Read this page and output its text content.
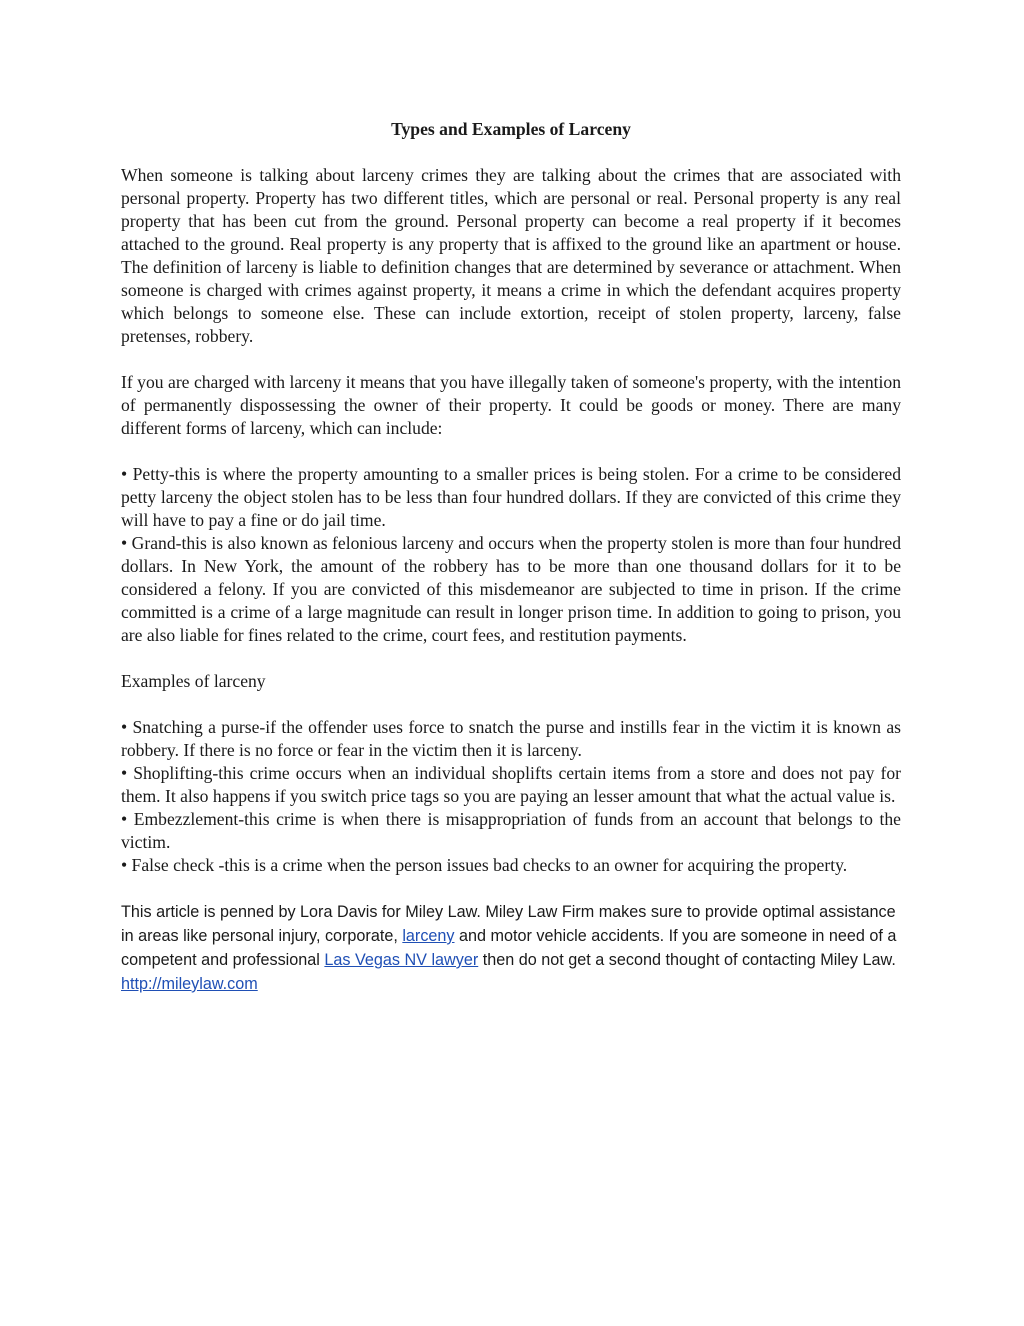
Types and Examples of Larceny

When someone is talking about larceny crimes they are talking about the crimes that are associated with personal property. Property has two different titles, which are personal or real. Personal property is any real property that has been cut from the ground. Personal property can become a real property if it becomes attached to the ground. Real property is any property that is affixed to the ground like an apartment or house. The definition of larceny is liable to definition changes that are determined by severance or attachment. When someone is charged with crimes against property, it means a crime in which the defendant acquires property which belongs to someone else. These can include extortion, receipt of stolen property, larceny, false pretenses, robbery.

If you are charged with larceny it means that you have illegally taken of someone's property, with the intention of permanently dispossessing the owner of their property. It could be goods or money. There are many different forms of larceny, which can include:

• Petty-this is where the property amounting to a smaller prices is being stolen. For a crime to be considered petty larceny the object stolen has to be less than four hundred dollars. If they are convicted of this crime they will have to pay a fine or do jail time.

• Grand-this is also known as felonious larceny and occurs when the property stolen is more than four hundred dollars. In New York, the amount of the robbery has to be more than one thousand dollars for it to be considered a felony. If you are convicted of this misdemeanor are subjected to time in prison. If the crime committed is a crime of a large magnitude can result in longer prison time. In addition to going to prison, you are also liable for fines related to the crime, court fees, and restitution payments.

Examples of larceny

• Snatching a purse-if the offender uses force to snatch the purse and instills fear in the victim it is known as robbery. If there is no force or fear in the victim then it is larceny.

• Shoplifting-this crime occurs when an individual shoplifts certain items from a store and does not pay for them. It also happens if you switch price tags so you are paying an lesser amount that what the actual value is.

• Embezzlement-this crime is when there is misappropriation of funds from an account that belongs to the victim.

• False check -this is a crime when the person issues bad checks to an owner for acquiring the property.

This article is penned by Lora Davis for Miley Law. Miley Law Firm makes sure to provide optimal assistance in areas like personal injury, corporate, larceny and motor vehicle accidents. If you are someone in need of a competent and professional Las Vegas NV lawyer then do not get a second thought of contacting Miley Law. http://mileylaw.com
